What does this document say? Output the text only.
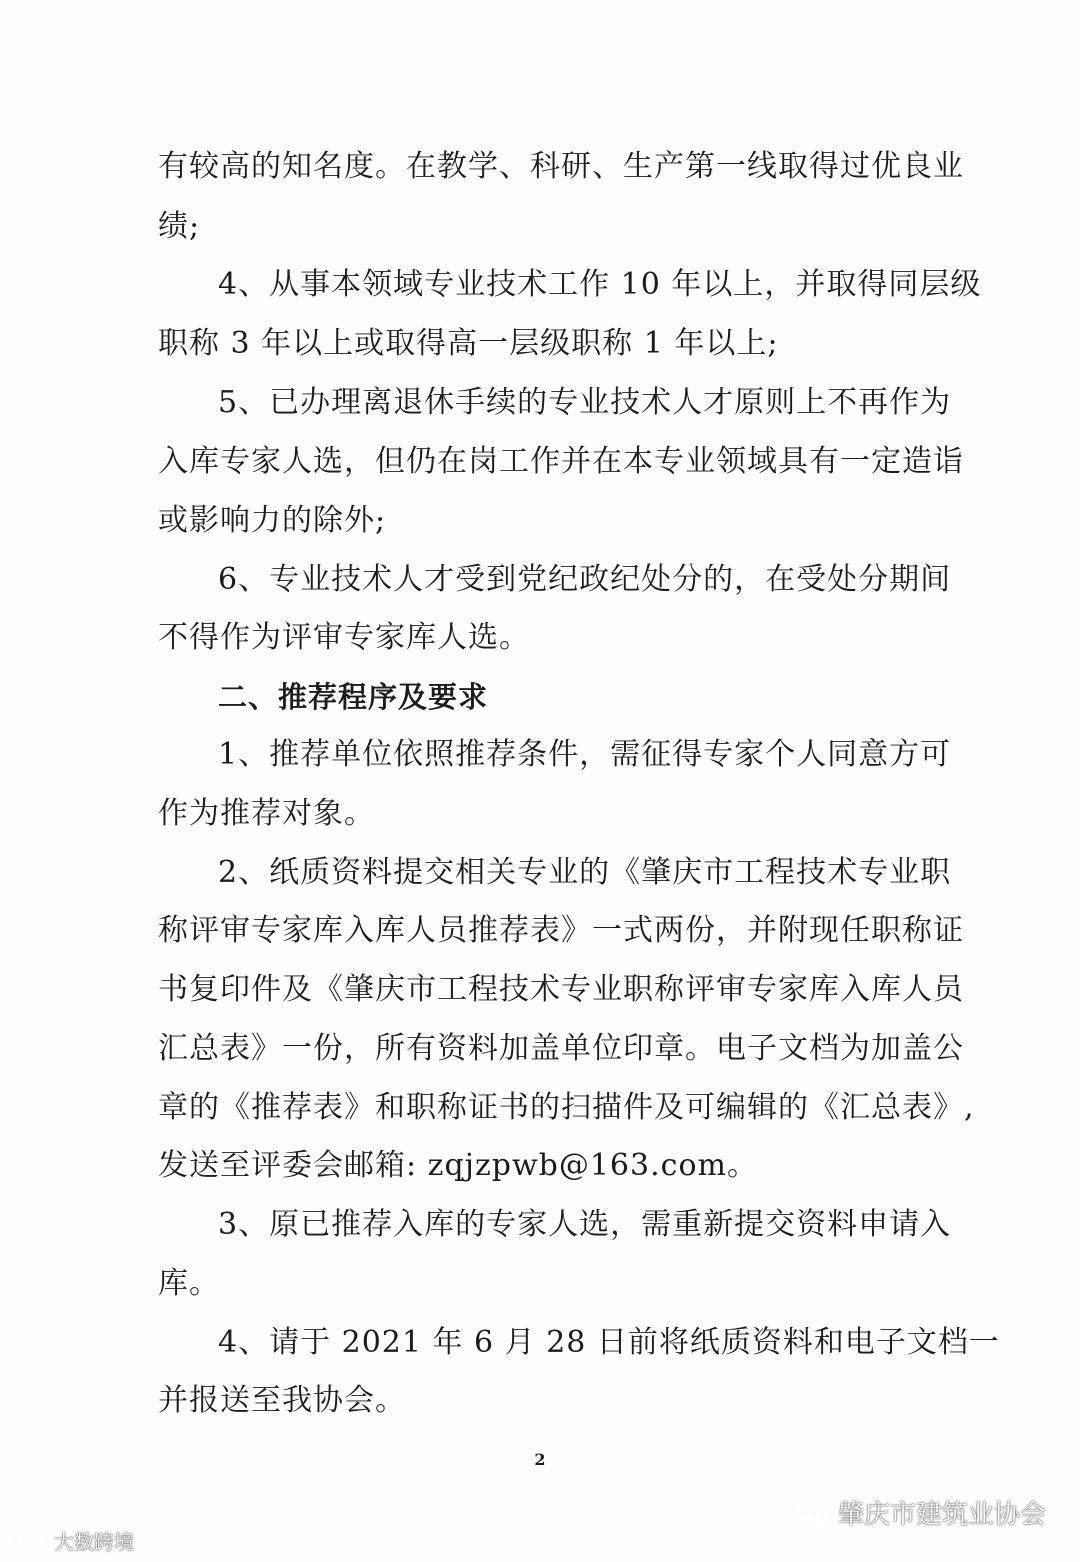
有较高的知名度。在教学、科研、生产第一线取得过优良业
绩;
4、从事本领域专业技术工作 10 年以上，并取得同层级
职称 3 年以上或取得高一层级职称 1 年以上;
5、已办理离退休手续的专业技术人才原则上不再作为
入库专家人选，但仍在岗工作并在本专业领域具有一定造诣
或影响力的除外;
6、专业技术人才受到党纪政纪处分的，在受处分期间
不得作为评审专家库人选。
二、推荐程序及要求
1、推荐单位依照推荐条件，需征得专家个人同意方可
作为推荐对象。
2、纸质资料提交相关专业的《肇庆市工程技术专业职
称评审专家库入库人员推荐表》一式两份，并附现任职称证
书复印件及《肇庆市工程技术专业职称评审专家库入库人员
汇总表》一份，所有资料加盖单位印章。电子文档为加盖公
章的《推荐表》和职称证书的扫描件及可编辑的《汇总表》,
发送至评委会邮箱: zqjzpwb@163.com。
3、原已推荐入库的专家人选，需重新提交资料申请入
库。
4、请于 2021 年 6 月 28 日前将纸质资料和电子文档一
并报送至我协会。
2
肇庆市建筑业协会
大数跨境
